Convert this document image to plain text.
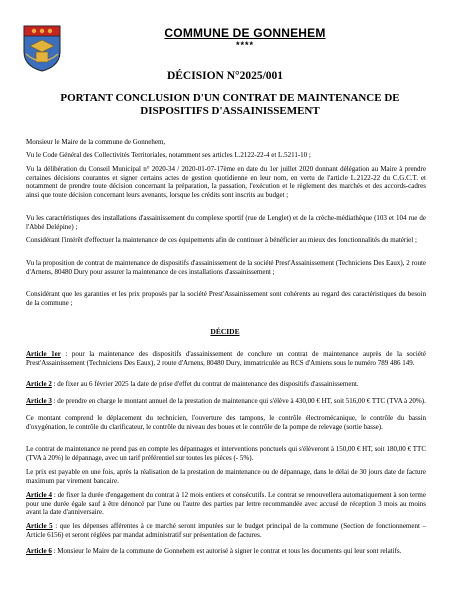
COMMUNE DE GONNEHEM
****
DÉCISION N°2025/001
PORTANT CONCLUSION D'UN CONTRAT DE MAINTENANCE DE DISPOSITIFS D'ASSAINISSEMENT
Monsieur le Maire de la commune de Gonnehem,
Vu le Code Général des Collectivités Territoriales, notamment ses articles L.2122-22-4 et L.5211-10 ;
Vu la délibération du Conseil Municipal n° 2020-34 / 2020-01-07-17ème en date du 1er juillet 2020 donnant délégation au Maire à prendre certaines décisions courantes et signer certains actes de gestion quotidienne en leur nom, en vertu de l'article L.2122-22 du C.G.C.T. et notamment de prendre toute décision concernant la préparation, la passation, l'exécution et le règlement des marchés et des accords-cadres ainsi que toute décision concernant leurs avenants, lorsque les crédits sont inscrits au budget ;
Vu les caractéristiques des installations d'assainissement du complexe sportif (rue de Lenglet) et de la crèche-médiathèque (103 et 104 rue de l'Abbé Delépine) ;
Considérant l'intérêt d'effectuer la maintenance de ces équipements afin de continuer à bénéficier au mieux des fonctionnalités du matériel ;
Vu la proposition de contrat de maintenance de dispositifs d'assainissement de la société Prest'Assainissement (Techniciens Des Eaux), 2 route d'Arnens, 80480 Dury pour assurer la maintenance de ces installations d'assainissement ;
Considérant que les garanties et les prix proposés par la société Prest'Assainissement sont cohérents au regard des caractéristiques du besoin de la commune ;
DÉCIDE
Article 1er : pour la maintenance des dispositifs d'assainissement de conclure un contrat de maintenance auprès de la société Prest'Assainissement (Techniciens Des Eaux), 2 route d'Arnens, 80480 Dury, immatriculée au RCS d'Amiens sous le numéro 789 486 149.
Article 2 : de fixer au 6 février 2025 la date de prise d'effet du contrat de maintenance des dispositifs d'assainissement.
Article 3 : de prendre en charge le montant annuel de la prestation de maintenance qui s'élève à 430,00 € HT, soit 516,00 € TTC (TVA à 20%).
Ce montant comprend le déplacement du technicien, l'ouverture des tampons, le contrôle électromécanique, le contrôle du bassin d'oxygénation, le contrôle du clarificateur, le contrôle du niveau des boues et le contrôle de la pompe de relevage (sortie basse).
Le contrat de maintenance ne prend pas en compte les dépannages et interventions ponctuels qui s'élèveront à 150,00 € HT, soit 180,00 € TTC (TVA à 20%) le dépannage, avec un tarif préférentiel sur toutes les pièces (- 5%).
Le prix est payable en une fois, après la réalisation de la prestation de maintenance ou de dépannage, dans le délai de 30 jours date de facture maximum par virement bancaire.
Article 4 : de fixer la durée d'engagement du contrat à 12 mois entiers et consécutifs. Le contrat se renouvellera automatiquement à son terme pour une durée égale sauf à être dénoncé par l'une ou l'autre des parties par lettre recommandée avec accusé de réception 3 mois au moins avant la date d'anniversaire.
Article 5 : que les dépenses afférentes à ce marché seront imputées sur le budget principal de la commune (Section de fonctionnement – Article 6156) et seront réglées par mandat administratif sur présentation de factures.
Article 6 : Monsieur le Maire de la commune de Gonnehem est autorisé à signer le contrat et tous les documents qui leur sont relatifs.
